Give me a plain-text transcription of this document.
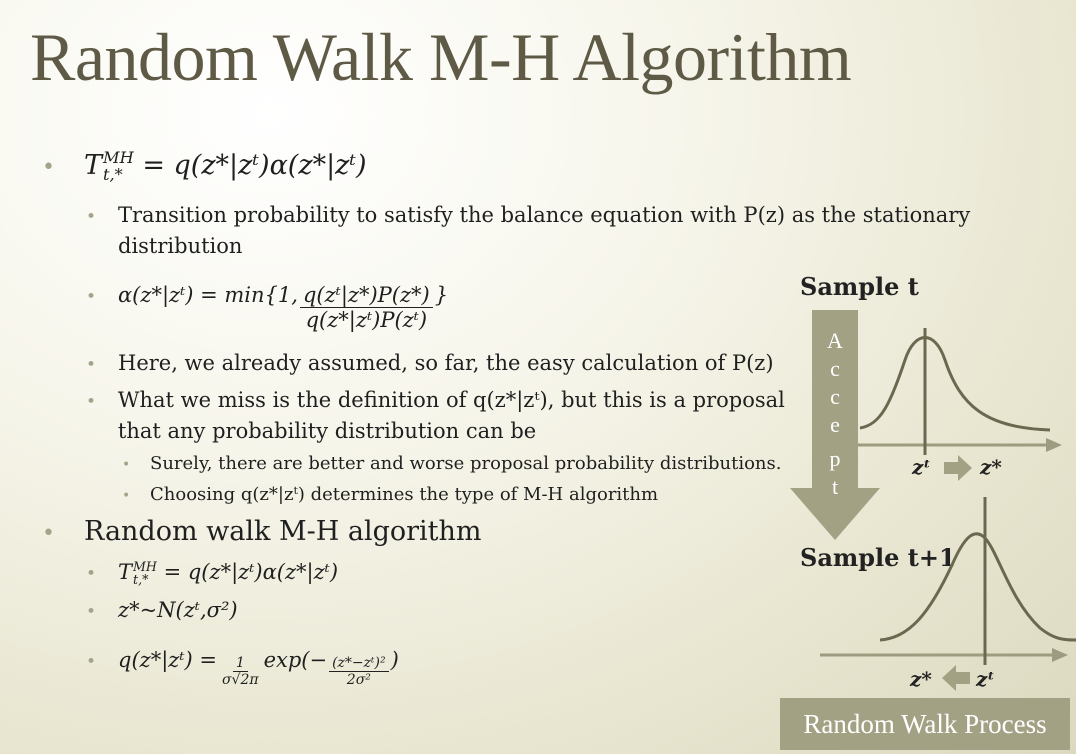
Random Walk M-H Algorithm
•	T MH
t,* = q(z*|zᵗ)α(z*|zᵗ)
•	Transition probability to satisfy the balance equation with P(z) as the stationary distribution
•	α(z*|zᵗ) = min{1, $\frac{\text{q(zᵗ|z*)P(z*)}}{\text{q(z*|zᵗ)P(zᵗ)}}$ }
•	Here, we already assumed, so far, the easy calculation of P(z)
•	What we miss is the definition of q(z*|zᵗ), but this is a proposal that any probability distribution can be
•	Surely, there are better and worse proposal probability distributions.
•	Choosing q(z*|zᵗ) determines the type of M-H algorithm
•	Random walk M-H algorithm
•	T MH
t,* = q(z*|zᵗ)α(z*|zᵗ)
•	z*~N(zᵗ,σ²)
•	q(z*|zᵗ) = $\frac{1}{\sigma√2\pi} \exp(- \frac{\text{(z*−zᵗ)²}}{\text{2σ²}}$ )
Sample t
Sample t+1
A
c
c
e
p
t
zᵗ z*
z* zᵗ
Random Walk Process
